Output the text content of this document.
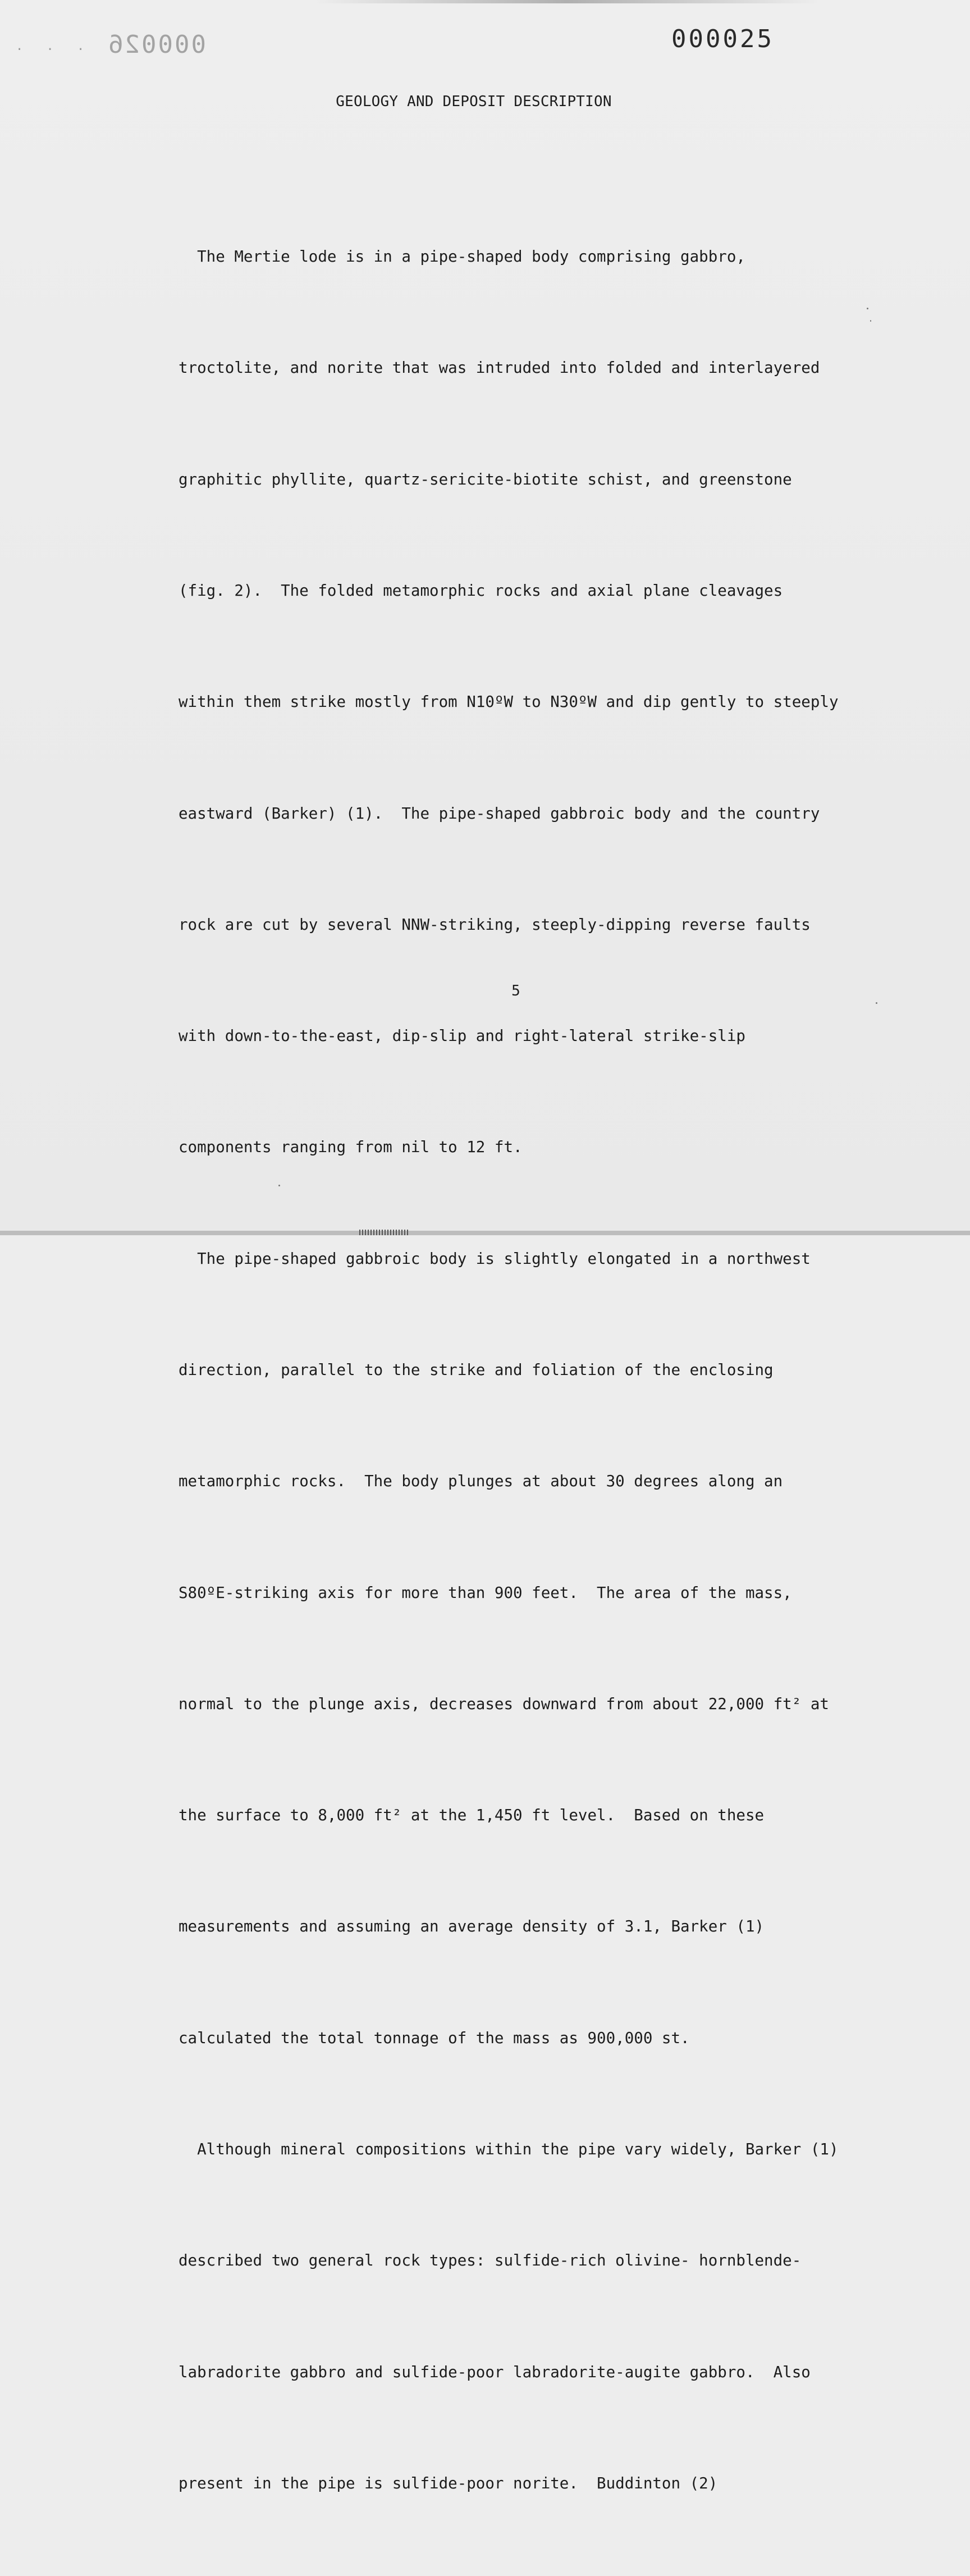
· · · 000026	000025
GEOLOGY AND DEPOSIT DESCRIPTION

The Mertie lode is in a pipe-shaped body comprising gabbro,

troctolite, and norite that was intruded into folded and interlayered

graphitic phyllite, quartz-sericite-biotite schist, and greenstone

(fig. 2).  The folded metamorphic rocks and axial plane cleavages

within them strike mostly from N10ºW to N30ºW and dip gently to steeply

eastward (Barker) (1).  The pipe-shaped gabbroic body and the country

rock are cut by several NNW-striking, steeply-dipping reverse faults

with down-to-the-east, dip-slip and right-lateral strike-slip

components ranging from nil to 12 ft.

The pipe-shaped gabbroic body is slightly elongated in a northwest

direction, parallel to the strike and foliation of the enclosing

metamorphic rocks.  The body plunges at about 30 degrees along an

S80ºE-striking axis for more than 900 feet.  The area of the mass,

normal to the plunge axis, decreases downward from about 22,000 ft² at

the surface to 8,000 ft² at the 1,450 ft level.  Based on these

measurements and assuming an average density of 3.1, Barker (1)

calculated the total tonnage of the mass as 900,000 st.

Although mineral compositions within the pipe vary widely, Barker (1)

described two general rock types: sulfide-rich olivine- hornblende-

labradorite gabbro and sulfide-poor labradorite-augite gabbro.  Also

present in the pipe is sulfide-poor norite.  Buddinton (2)

5
